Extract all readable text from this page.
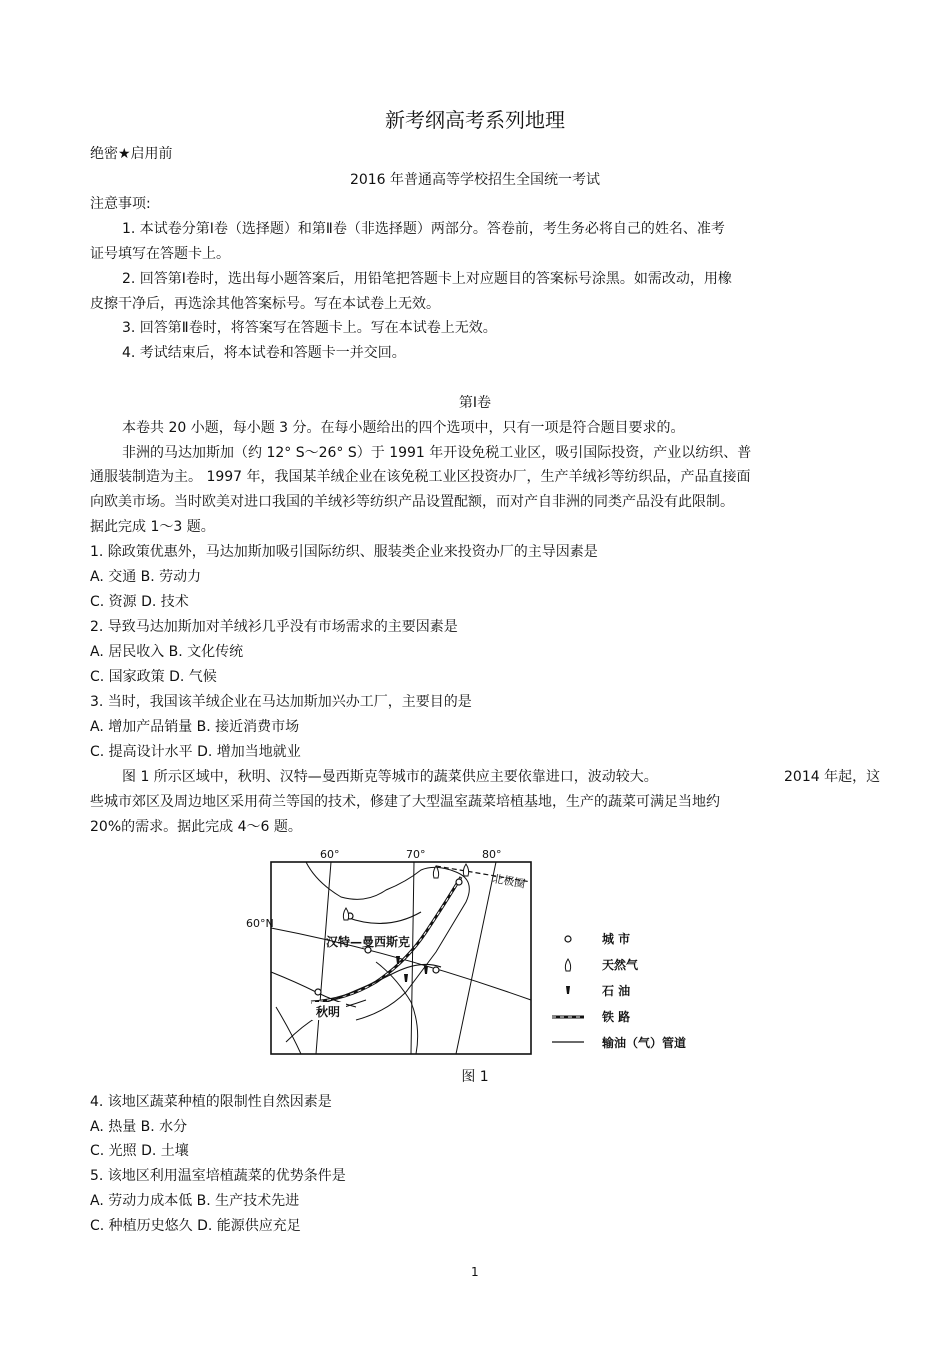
新考纲高考系列地理
绝密★启用前
2016 年普通高等学校招生全国统一考试
注意事项:
1. 本试卷分第Ⅰ卷（选择题）和第Ⅱ卷（非选择题）两部分。答卷前，考生务必将自己的姓名、准考
证号填写在答题卡上。
2. 回答第Ⅰ卷时，选出每小题答案后，用铅笔把答题卡上对应题目的答案标号涂黑。如需改动，用橡
皮擦干净后，再选涂其他答案标号。写在本试卷上无效。
3. 回答第Ⅱ卷时，将答案写在答题卡上。写在本试卷上无效。
4. 考试结束后，将本试卷和答题卡一并交回。
第Ⅰ卷
本卷共 20 小题，每小题 3 分。在每小题给出的四个选项中，只有一项是符合题目要求的。
非洲的马达加斯加（约 12° S～26° S）于 1991 年开设免税工业区，吸引国际投资，产业以纺织、普
通服装制造为主。 1997 年，我国某羊绒企业在该免税工业区投资办厂，生产羊绒衫等纺织品，产品直接面
向欧美市场。当时欧美对进口我国的羊绒衫等纺织产品设置配额，而对产自非洲的同类产品没有此限制。
据此完成 1～3 题。
1. 除政策优惠外，马达加斯加吸引国际纺织、服装类企业来投资办厂的主导因素是
A. 交通 B. 劳动力
C. 资源 D. 技术
2. 导致马达加斯加对羊绒衫几乎没有市场需求的主要因素是
A. 居民收入 B. 文化传统
C. 国家政策 D. 气候
3. 当时，我国该羊绒企业在马达加斯加兴办工厂，主要目的是
A. 增加产品销量 B. 接近消费市场
C. 提高设计水平 D. 增加当地就业
图 1 所示区域中，秋明、汉特—曼西斯克等城市的蔬菜供应主要依靠进口，波动较大。	2014 年起，这
些城市郊区及周边地区采用荷兰等国的技术，修建了大型温室蔬菜培植基地，生产的蔬菜可满足当地约
20%的需求。据此完成 4～6 题。
60°	70°	80°
60°N
北极圈
汉特—曼西斯克
秋明
城 市
天然气
石 油
铁 路
输油（气）管道
图 1
4. 该地区蔬菜种植的限制性自然因素是
A. 热量 B. 水分
C. 光照 D. 土壤
5. 该地区利用温室培植蔬菜的优势条件是
A. 劳动力成本低 B. 生产技术先进
C. 种植历史悠久 D. 能源供应充足
1
